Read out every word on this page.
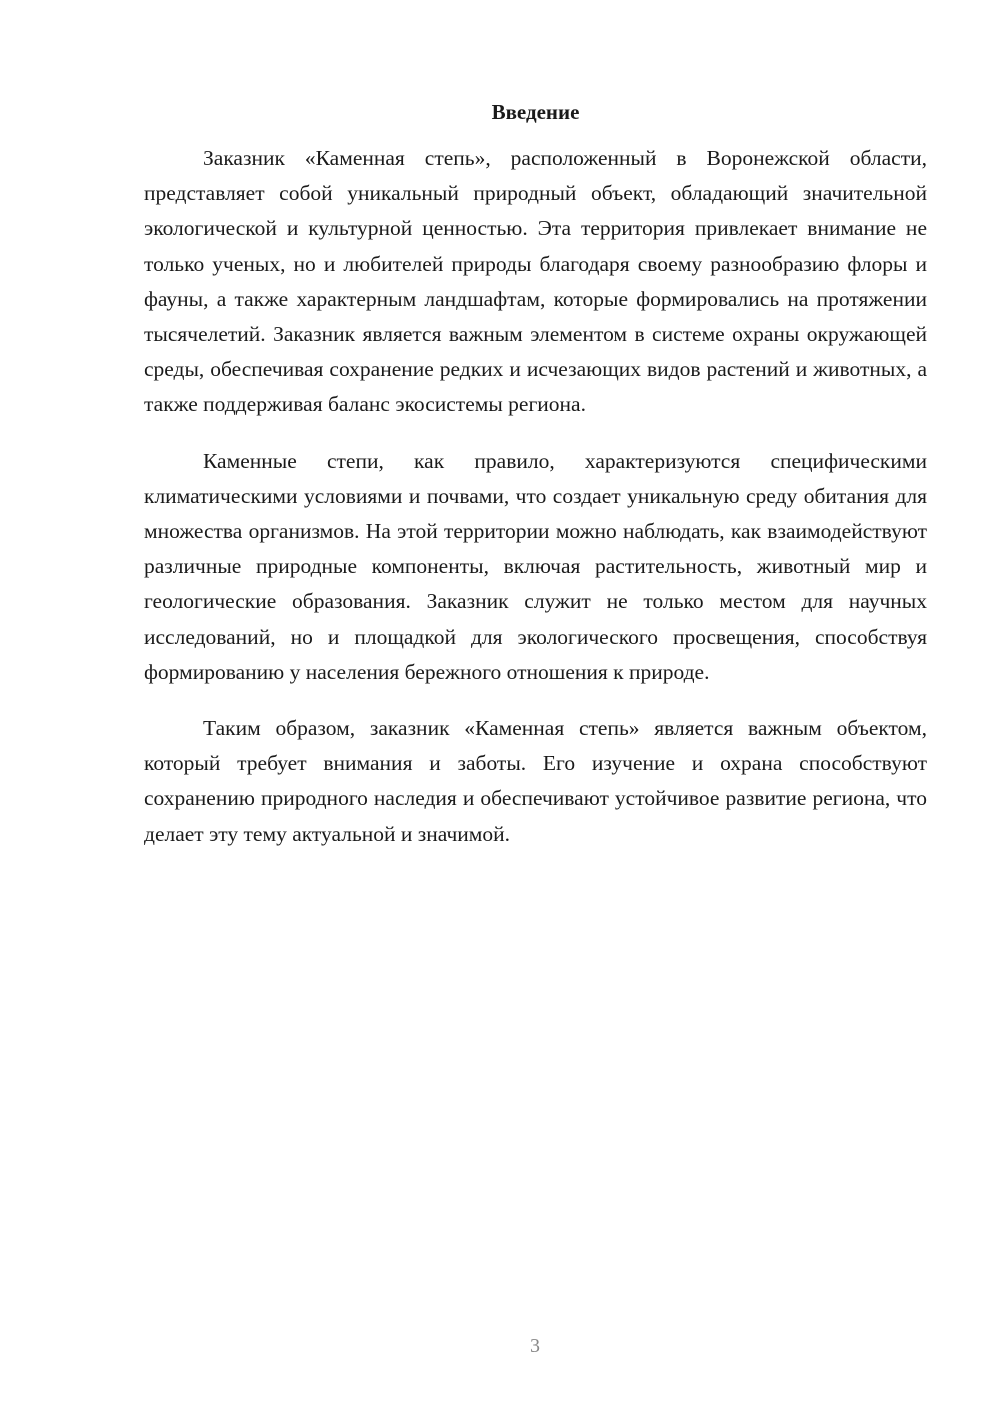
Введение

Заказник «Каменная степь», расположенный в Воронежской области, представляет собой уникальный природный объект, обладающий значительной экологической и культурной ценностью. Эта территория привлекает внимание не только ученых, но и любителей природы благодаря своему разнообразию флоры и фауны, а также характерным ландшафтам, которые формировались на протяжении тысячелетий. Заказник является важным элементом в системе охраны окружающей среды, обеспечивая сохранение редких и исчезающих видов растений и животных, а также поддерживая баланс экосистемы региона.

Каменные степи, как правило, характеризуются специфическими климатическими условиями и почвами, что создает уникальную среду обитания для множества организмов. На этой территории можно наблюдать, как взаимодействуют различные природные компоненты, включая растительность, животный мир и геологические образования. Заказник служит не только местом для научных исследований, но и площадкой для экологического просвещения, способствуя формированию у населения бережного отношения к природе.

Таким образом, заказник «Каменная степь» является важным объектом, который требует внимания и заботы. Его изучение и охрана способствуют сохранению природного наследия и обеспечивают устойчивое развитие региона, что делает эту тему актуальной и значимой.

3
